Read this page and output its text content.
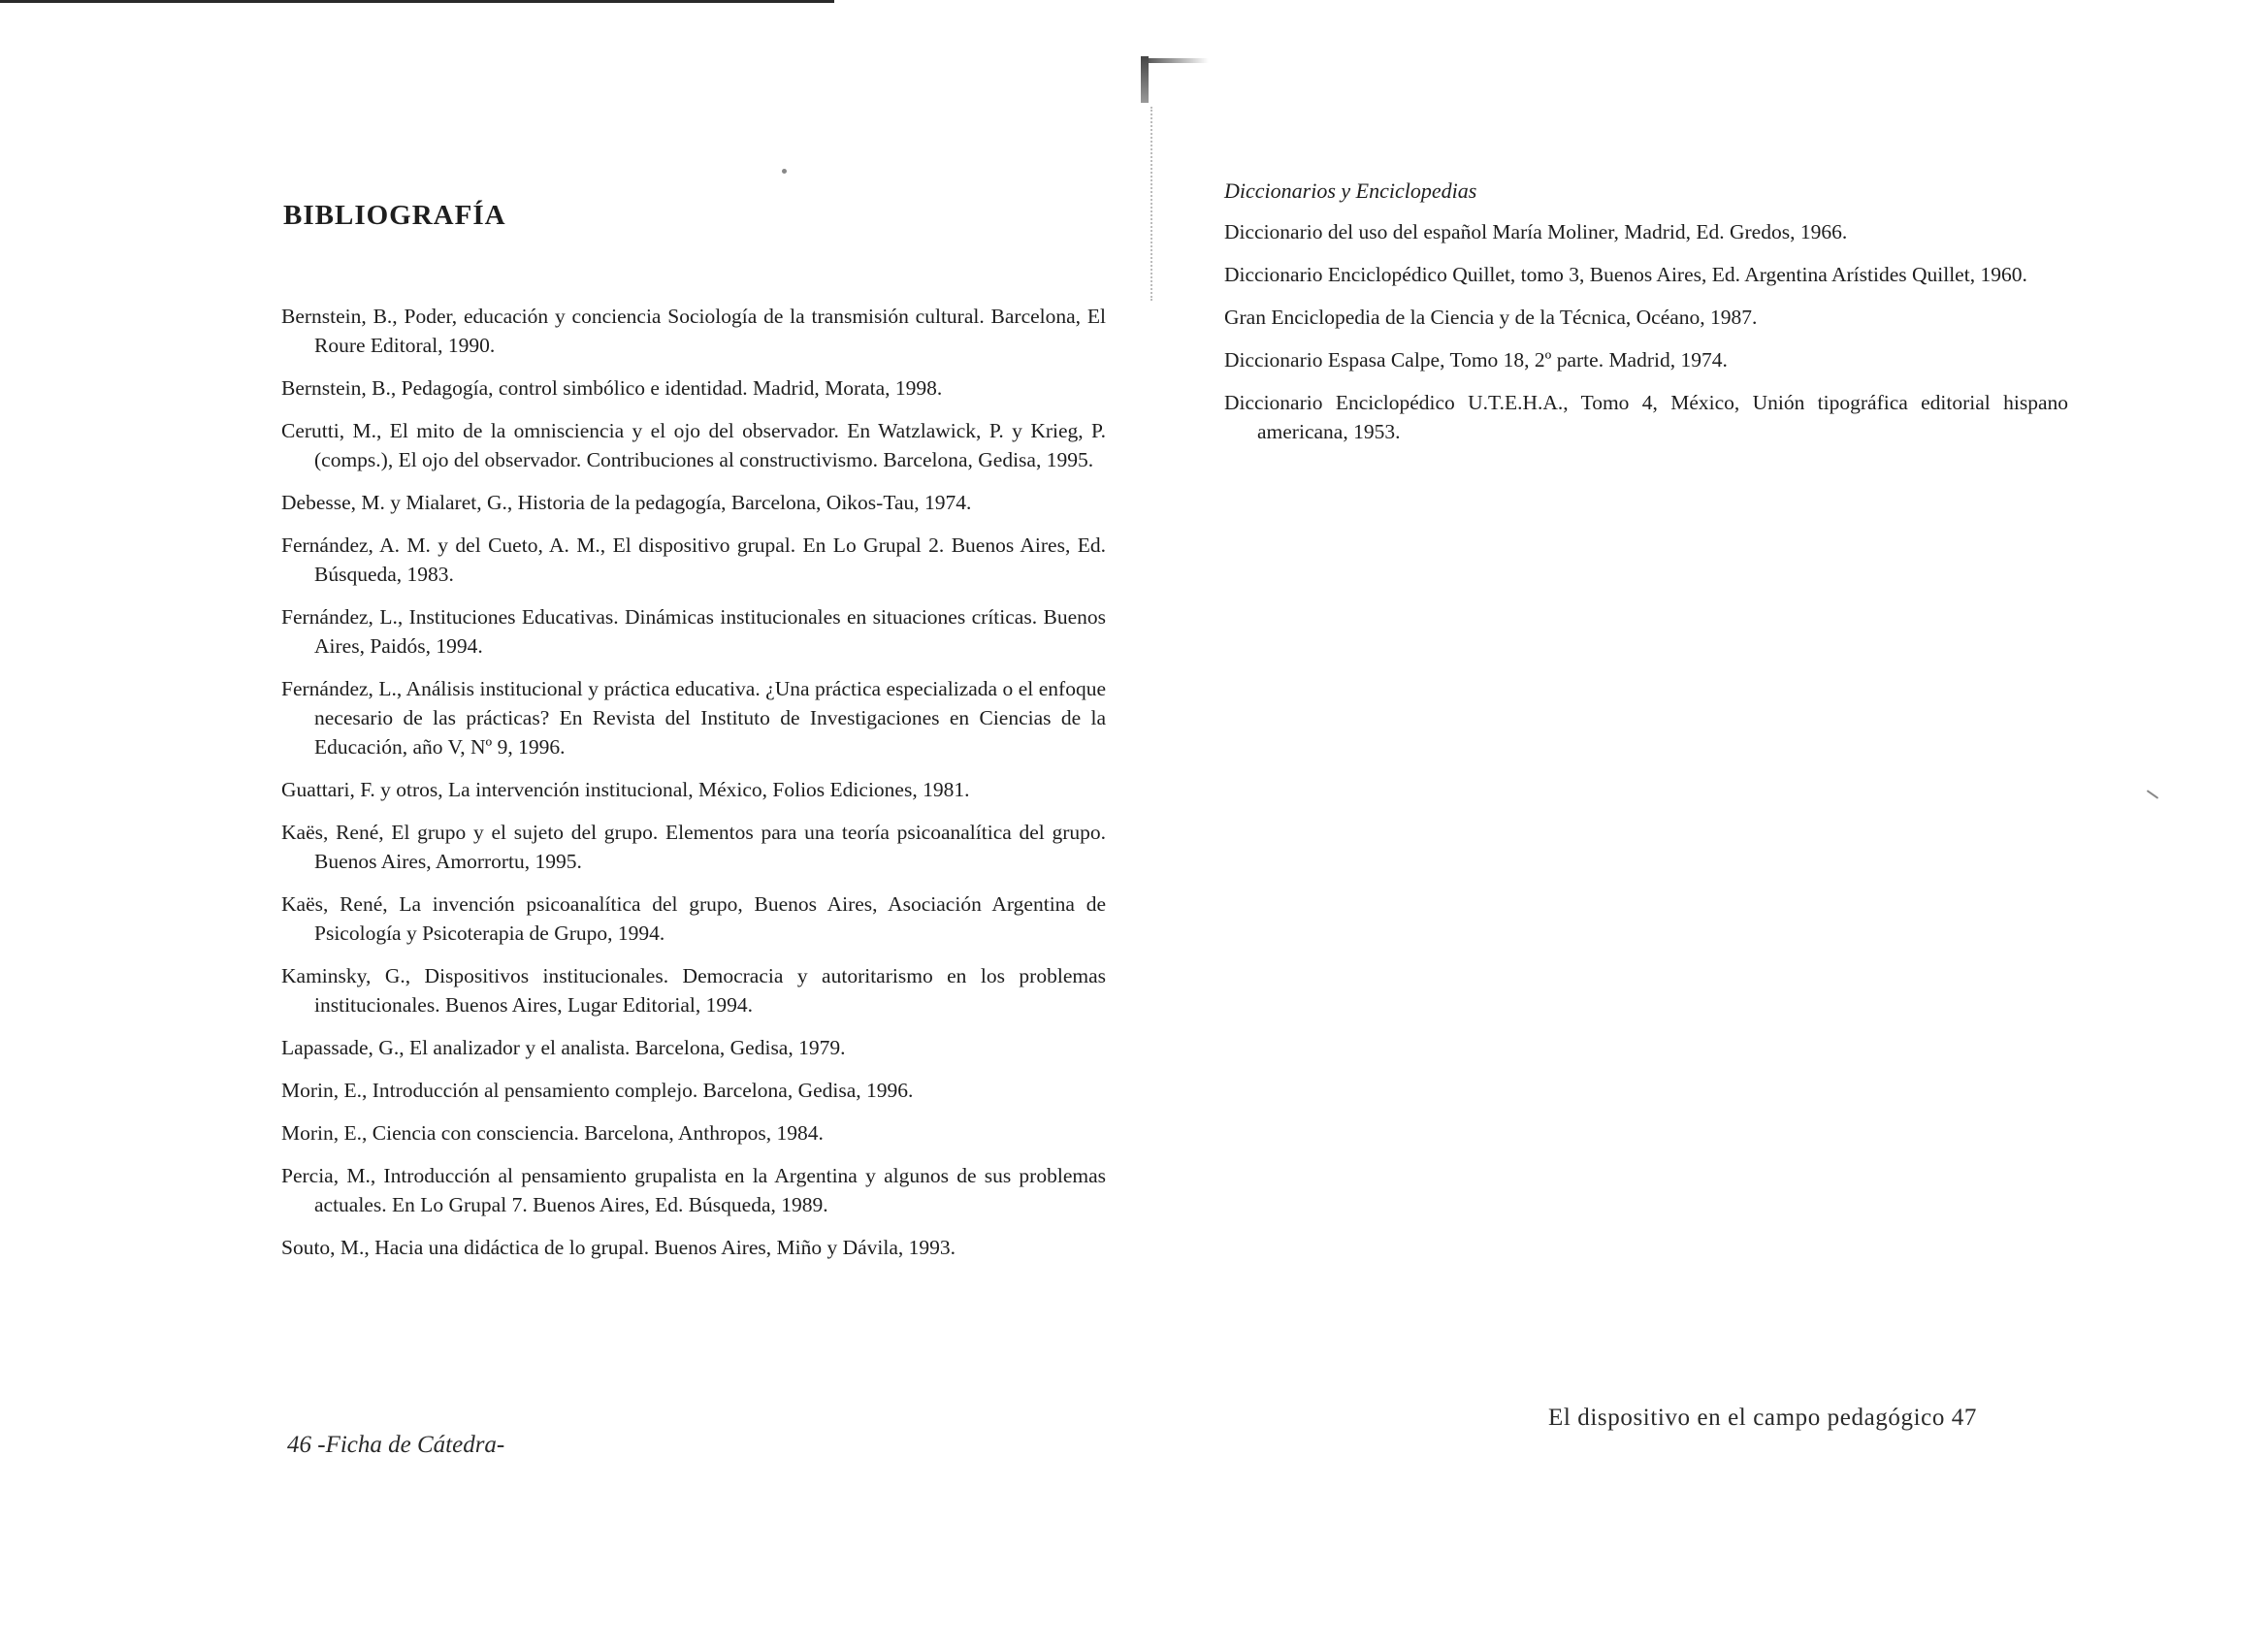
BIBLIOGRAFÍA

Bernstein, B., Poder, educación y conciencia Sociología de la transmisión cultural. Barcelona, El Roure Editoral, 1990.

Bernstein, B., Pedagogía, control simbólico e identidad. Madrid, Morata, 1998.

Cerutti, M., El mito de la omnisciencia y el ojo del observador. En Watzlawick, P. y Krieg, P. (comps.), El ojo del observador. Contribuciones al constructivismo. Barcelona, Gedisa, 1995.

Debesse, M. y Mialaret, G., Historia de la pedagogía, Barcelona, Oikos-Tau, 1974.

Fernández, A. M. y del Cueto, A. M., El dispositivo grupal. En Lo Grupal 2. Buenos Aires, Ed. Búsqueda, 1983.

Fernández, L., Instituciones Educativas. Dinámicas institucionales en situaciones críticas. Buenos Aires, Paidós, 1994.

Fernández, L., Análisis institucional y práctica educativa. ¿Una práctica especializada o el enfoque necesario de las prácticas? En Revista del Instituto de Investigaciones en Ciencias de la Educación, año V, Nº 9, 1996.

Guattari, F. y otros, La intervención institucional, México, Folios Ediciones, 1981.

Kaës, René, El grupo y el sujeto del grupo. Elementos para una teoría psicoanalítica del grupo. Buenos Aires, Amorrortu, 1995.

Kaës, René, La invención psicoanalítica del grupo, Buenos Aires, Asociación Argentina de Psicología y Psicoterapia de Grupo, 1994.

Kaminsky, G., Dispositivos institucionales. Democracia y autoritarismo en los problemas institucionales. Buenos Aires, Lugar Editorial, 1994.

Lapassade, G., El analizador y el analista. Barcelona, Gedisa, 1979.

Morin, E., Introducción al pensamiento complejo. Barcelona, Gedisa, 1996.

Morin, E., Ciencia con consciencia. Barcelona, Anthropos, 1984.

Percia, M., Introducción al pensamiento grupalista en la Argentina y algunos de sus problemas actuales. En Lo Grupal 7. Buenos Aires, Ed. Búsqueda, 1989.

Souto, M., Hacia una didáctica de lo grupal. Buenos Aires, Miño y Dávila, 1993.

Diccionarios y Enciclopedias

Diccionario del uso del español María Moliner, Madrid, Ed. Gredos, 1966.

Diccionario Enciclopédico Quillet, tomo 3, Buenos Aires, Ed. Argentina Arístides Quillet, 1960.

Gran Enciclopedia de la Ciencia y de la Técnica, Océano, 1987.

Diccionario Espasa Calpe, Tomo 18, 2º parte. Madrid, 1974.

Diccionario Enciclopédico U.T.E.H.A., Tomo 4, México, Unión tipográfica editorial hispano americana, 1953.

46 -Ficha de Cátedra-
El dispositivo en el campo pedagógico 47
